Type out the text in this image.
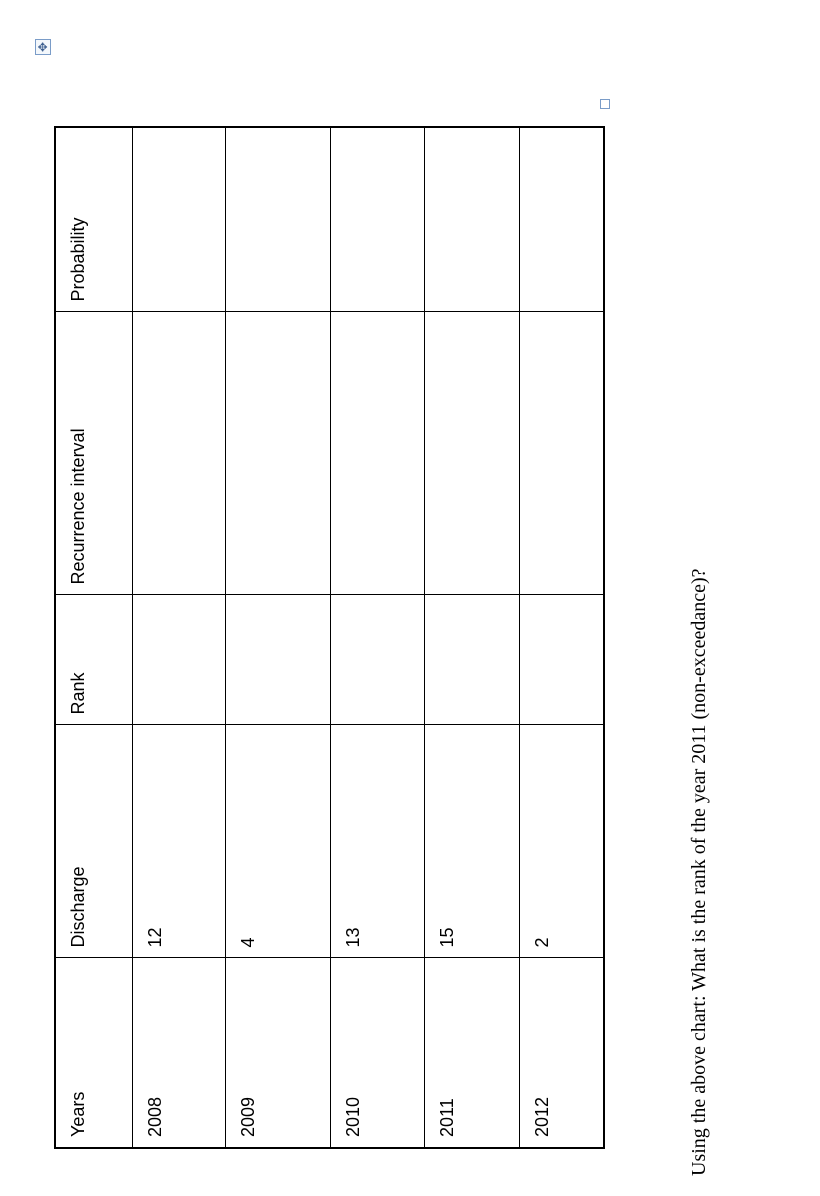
✥
Years	Discharge	Rank	Recurrence interval	Probability
2008	12			
2009	4			
2010	13			
2011	15			
2012	2				Using the above chart: What is the rank of the year 2011 (non-exceedance)?
